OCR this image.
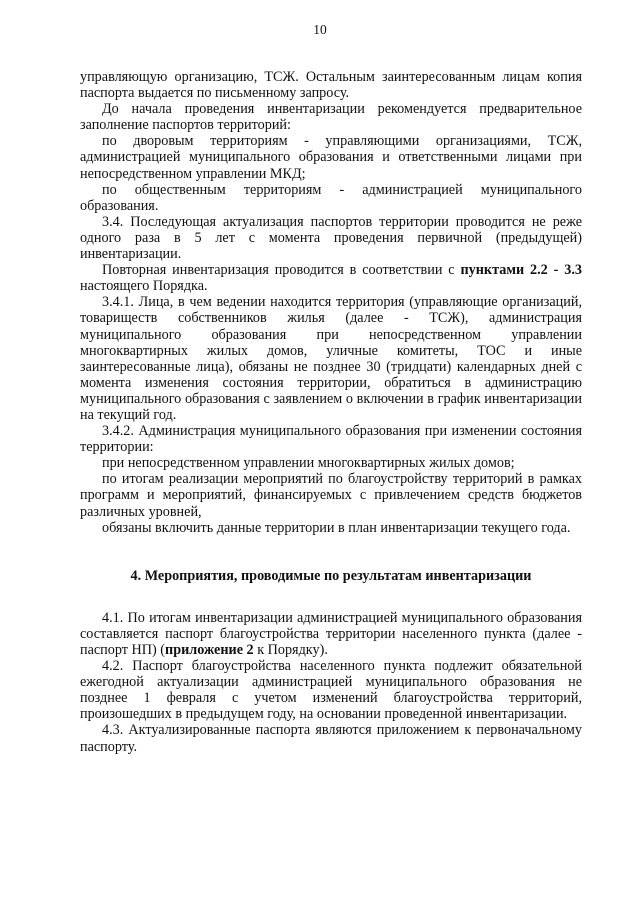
10

управляющую организацию, ТСЖ. Остальным заинтересованным лицам копия паспорта выдается по письменному запросу.

До начала проведения инвентаризации рекомендуется предварительное заполнение паспортов территорий:

по дворовым территориям - управляющими организациями, ТСЖ, администрацией муниципального образования и ответственными лицами при непосредственном управлении МКД;

по общественным территориям - администрацией муниципального образования.

3.4. Последующая актуализация паспортов территории проводится не реже одного раза в 5 лет с момента проведения первичной (предыдущей) инвентаризации.

Повторная инвентаризация проводится в соответствии с пунктами 2.2 - 3.3 настоящего Порядка.

3.4.1. Лица, в чем ведении находится территория (управляющие организаций, товариществ собственников жилья (далее - ТСЖ), администрация муниципального образования при непосредственном управлении многоквартирных жилых домов, уличные комитеты, ТОС и иные заинтересованные лица), обязаны не позднее 30 (тридцати) календарных дней с момента изменения состояния территории, обратиться в администрацию муниципального образования с заявлением о включении в график инвентаризации на текущий год.

3.4.2. Администрация муниципального образования при изменении состояния территории:

при непосредственном управлении многоквартирных жилых домов;

по итогам реализации мероприятий по благоустройству территорий в рамках программ и мероприятий, финансируемых с привлечением средств бюджетов различных уровней,

обязаны включить данные территории в план инвентаризации текущего года.

4. Мероприятия, проводимые по результатам инвентаризации

4.1. По итогам инвентаризации администрацией муниципального образования составляется паспорт благоустройства территории населенного пункта (далее - паспорт НП) (приложение 2 к Порядку).

4.2. Паспорт благоустройства населенного пункта подлежит обязательной ежегодной актуализации администрацией муниципального образования не позднее 1 февраля с учетом изменений благоустройства территорий, произошедших в предыдущем году, на основании проведенной инвентаризации.

4.3. Актуализированные паспорта являются приложением к первоначальному паспорту.
